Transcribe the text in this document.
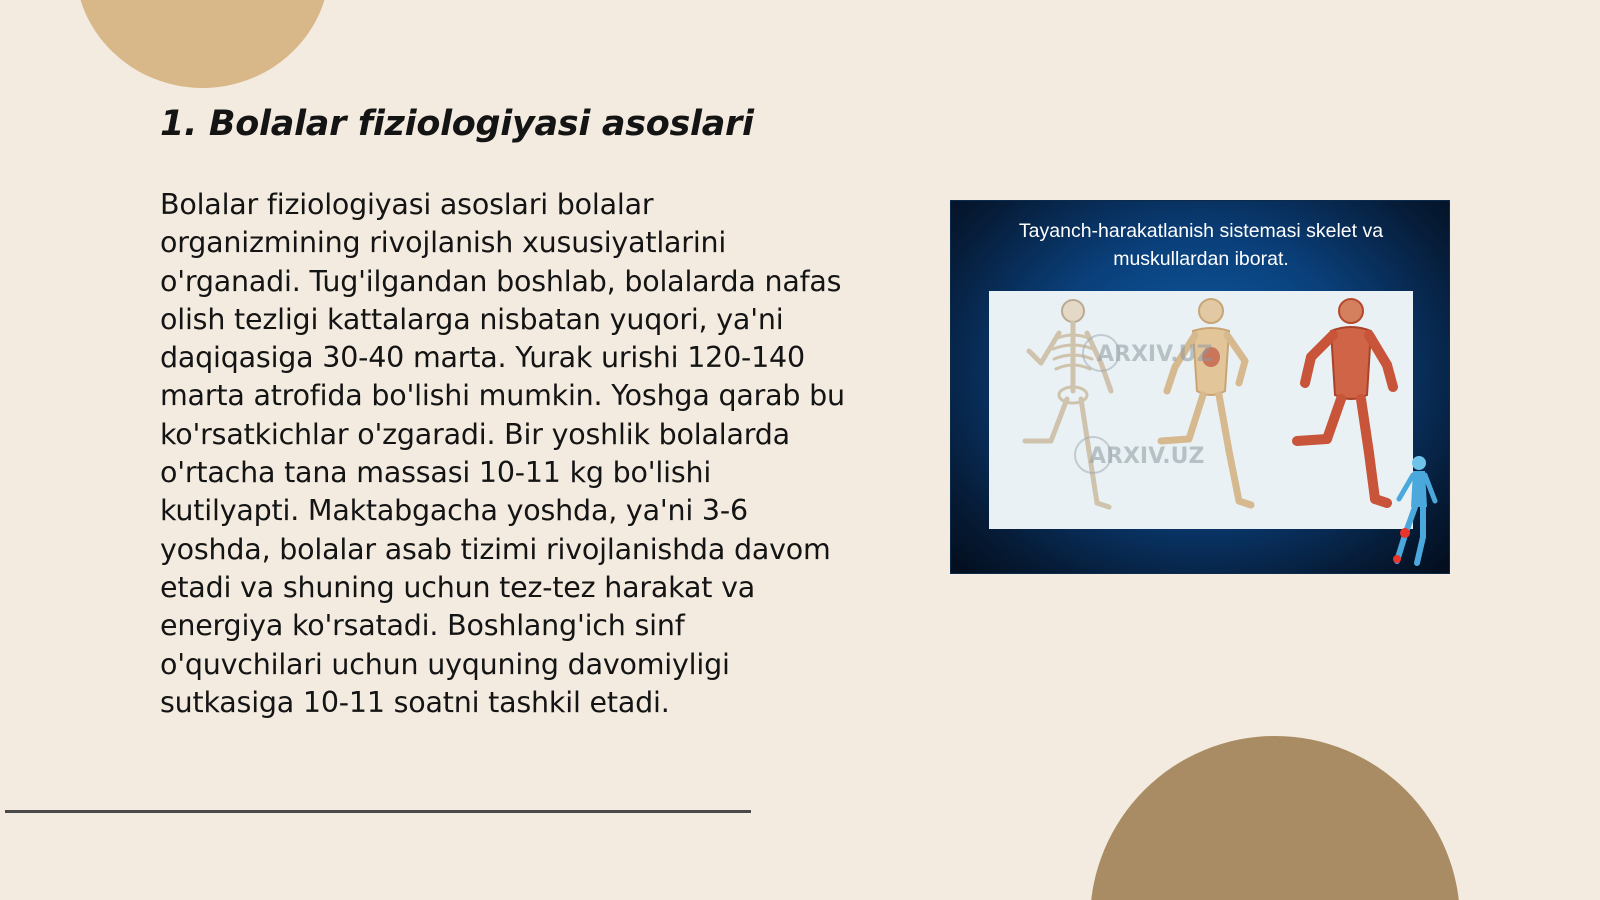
1. Bolalar fiziologiyasi asoslari

Bolalar fiziologiyasi asoslari bolalar organizmining rivojlanish xususiyatlarini o'rganadi. Tug'ilgandan boshlab, bolalarda nafas olish tezligi kattalarga nisbatan yuqori, ya'ni daqiqasiga 30-40 marta. Yurak urishi 120-140 marta atrofida bo'lishi mumkin. Yoshga qarab bu ko'rsatkichlar o'zgaradi. Bir yoshlik bolalarda o'rtacha tana massasi 10-11 kg bo'lishi kutilyapti. Maktabgacha yoshda, ya'ni 3-6 yoshda, bolalar asab tizimi rivojlanishda davom etadi va shuning uchun tez-tez harakat va energiya ko'rsatadi. Boshlang'ich sinf o'quvchilari uchun uyquning davomiyligi sutkasiga 10-11 soatni tashkil etadi.

Tayanch-harakatlanish sistemasi skelet va muskullardan iborat.
ARXIV.UZ
ARXIV.UZ
